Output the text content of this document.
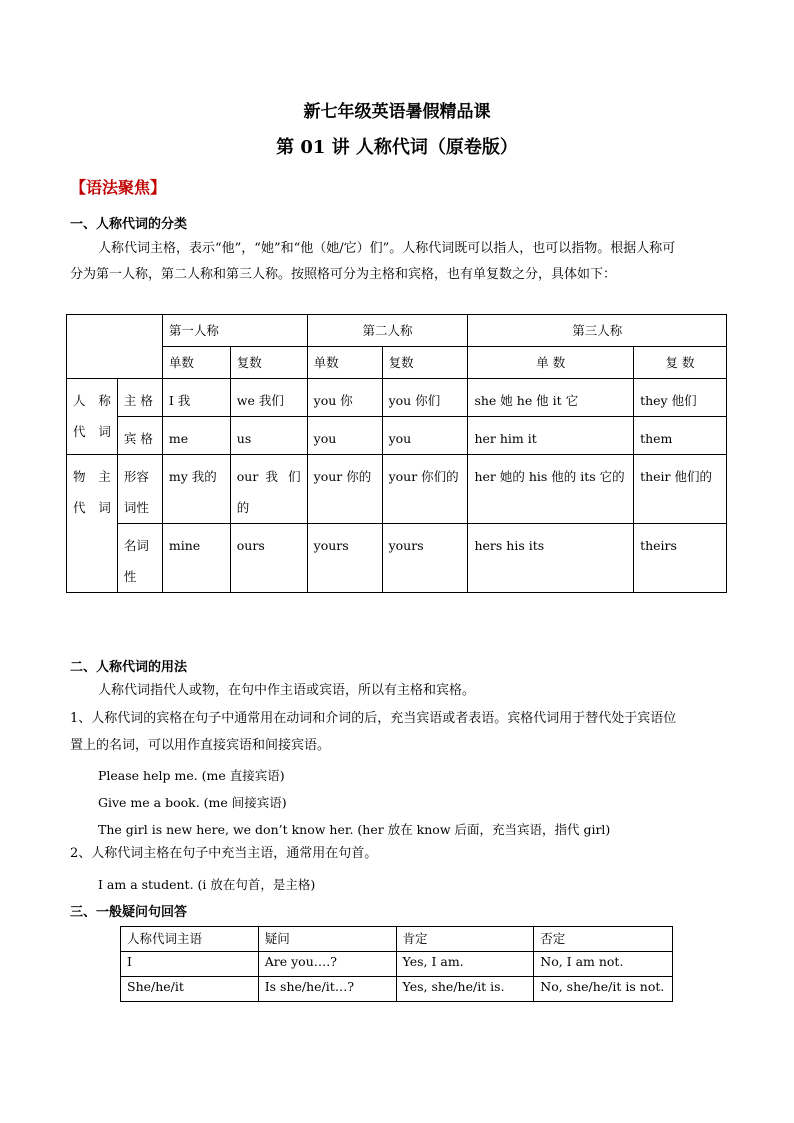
新七年级英语暑假精品课
第 01 讲 人称代词（原卷版）
【语法聚焦】
一、人称代词的分类
人称代词主格，表示“他”，“她”和“他（她/它）们”。人称代词既可以指人，也可以指物。根据人称可
分为第一人称，第二人称和第三人称。按照格可分为主格和宾格，也有单复数之分，具体如下：
		第一人称		第二人称		第三人称	
		单数	复数	单数	复数	单 数	复 数
人 称 代词	主 格	I 我	we 我们	you 你	you 你们	she 她 he 他 it 它	they 他们
	宾 格	me	us	you	you	her him it	them
物 主 代词	形容 词性	my 我的	our 我 们 的	your 你的	your 你们的	her 她的 his 他的 its 它的	their 他们的
	名词 性	mine	ours	yours	yours	hers his its	theirs
二、人称代词的用法
人称代词指代人或物，在句中作主语或宾语，所以有主格和宾格。
1、人称代词的宾格在句子中通常用在动词和介词的后，充当宾语或者表语。宾格代词用于替代处于宾语位
置上的名词，可以用作直接宾语和间接宾语。
Please help me. (me 直接宾语)
Give me a book. (me 间接宾语)
The girl is new here, we don’t know her. (her 放在 know 后面，充当宾语，指代 girl)
2、人称代词主格在句子中充当主语，通常用在句首。
I am a student. (i 放在句首，是主格)
三、一般疑问句回答
人称代词主语	疑问	肯定	否定
I	Are you….?	Yes, I am.	No, I am not.
She/he/it	Is she/he/it…?	Yes, she/he/it is.	No, she/he/it is not.
